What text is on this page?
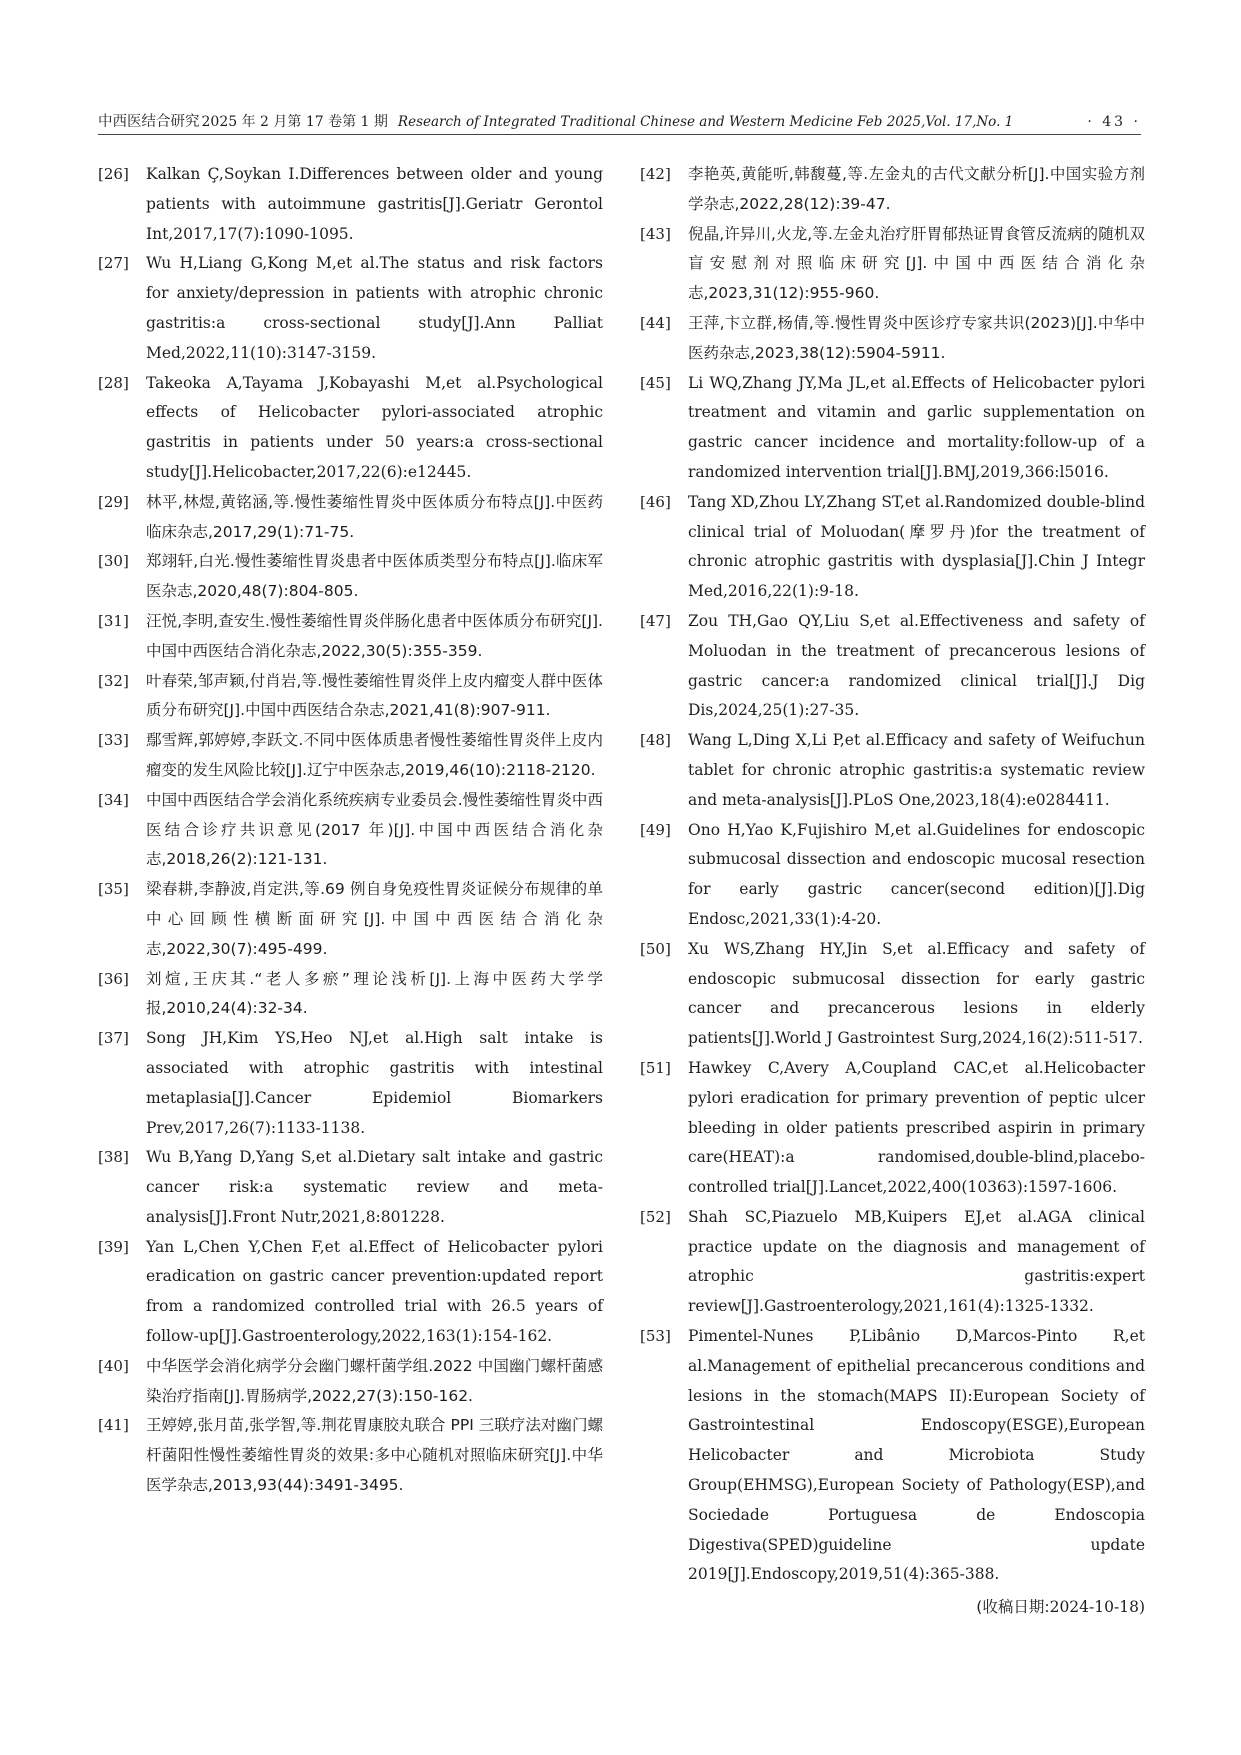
中西医结合研究 2025 年 2 月第 17 卷第 1 期 Research of Integrated Traditional Chinese and Western Medicine Feb 2025,Vol. 17,No. 1	· 43 ·
[26]	Kalkan Ç,Soykan I.Differences between older and young patients with autoimmune gastritis[J].Geriatr Gerontol Int,2017,17(7):1090-1095.
[27]	Wu H,Liang G,Kong M,et al.The status and risk factors for anxiety/depression in patients with atrophic chronic gastritis:a cross-sectional study[J].Ann Palliat Med,2022,11(10):3147-3159.
[28]	Takeoka A,Tayama J,Kobayashi M,et al.Psychological effects of Helicobacter pylori-associated atrophic gastritis in patients under 50 years:a cross-sectional study[J].Helicobacter,2017,22(6):e12445.
[29]	林平,林煜,黄铭涵,等.慢性萎缩性胃炎中医体质分布特点[J].中医药临床杂志,2017,29(1):71-75.
[30]	郑翊轩,白光.慢性萎缩性胃炎患者中医体质类型分布特点[J].临床军医杂志,2020,48(7):804-805.
[31]	汪悦,李明,查安生.慢性萎缩性胃炎伴肠化患者中医体质分布研究[J].中国中西医结合消化杂志,2022,30(5):355-359.
[32]	叶春荣,邹声颖,付肖岩,等.慢性萎缩性胃炎伴上皮内瘤变人群中医体质分布研究[J].中国中西医结合杂志,2021,41(8):907-911.
[33]	鄢雪辉,郭婷婷,李跃文.不同中医体质患者慢性萎缩性胃炎伴上皮内瘤变的发生风险比较[J].辽宁中医杂志,2019,46(10):2118-2120.
[34]	中国中西医结合学会消化系统疾病专业委员会.慢性萎缩性胃炎中西医结合诊疗共识意见(2017 年)[J].中国中西医结合消化杂志,2018,26(2):121-131.
[35]	梁春耕,李静波,肖定洪,等.69 例自身免疫性胃炎证候分布规律的单中心回顾性横断面研究[J].中国中西医结合消化杂志,2022,30(7):495-499.
[36]	刘煊,王庆其.“老人多瘀”理论浅析[J].上海中医药大学学报,2010,24(4):32-34.
[37]	Song JH,Kim YS,Heo NJ,et al.High salt intake is associated with atrophic gastritis with intestinal metaplasia[J].Cancer Epidemiol Biomarkers Prev,2017,26(7):1133-1138.
[38]	Wu B,Yang D,Yang S,et al.Dietary salt intake and gastric cancer risk:a systematic review and meta-analysis[J].Front Nutr,2021,8:801228.
[39]	Yan L,Chen Y,Chen F,et al.Effect of Helicobacter pylori eradication on gastric cancer prevention:updated report from a randomized controlled trial with 26.5 years of follow-up[J].Gastroenterology,2022,163(1):154-162.
[40]	中华医学会消化病学分会幽门螺杆菌学组.2022 中国幽门螺杆菌感染治疗指南[J].胃肠病学,2022,27(3):150-162.
[41]	王婷婷,张月苗,张学智,等.荆花胃康胶丸联合 PPI 三联疗法对幽门螺杆菌阳性慢性萎缩性胃炎的效果:多中心随机对照临床研究[J].中华医学杂志,2013,93(44):3491-3495.
[42]	李艳英,黄能听,韩馥蔓,等.左金丸的古代文献分析[J].中国实验方剂学杂志,2022,28(12):39-47.
[43]	倪晶,许异川,火龙,等.左金丸治疗肝胃郁热证胃食管反流病的随机双盲安慰剂对照临床研究[J].中国中西医结合消化杂志,2023,31(12):955-960.
[44]	王萍,卞立群,杨倩,等.慢性胃炎中医诊疗专家共识(2023)[J].中华中医药杂志,2023,38(12):5904-5911.
[45]	Li WQ,Zhang JY,Ma JL,et al.Effects of Helicobacter pylori treatment and vitamin and garlic supplementation on gastric cancer incidence and mortality:follow-up of a randomized intervention trial[J].BMJ,2019,366:l5016.
[46]	Tang XD,Zhou LY,Zhang ST,et al.Randomized double-blind clinical trial of Moluodan(摩罗丹)for the treatment of chronic atrophic gastritis with dysplasia[J].Chin J Integr Med,2016,22(1):9-18.
[47]	Zou TH,Gao QY,Liu S,et al.Effectiveness and safety of Moluodan in the treatment of precancerous lesions of gastric cancer:a randomized clinical trial[J].J Dig Dis,2024,25(1):27-35.
[48]	Wang L,Ding X,Li P,et al.Efficacy and safety of Weifuchun tablet for chronic atrophic gastritis:a systematic review and meta-analysis[J].PLoS One,2023,18(4):e0284411.
[49]	Ono H,Yao K,Fujishiro M,et al.Guidelines for endoscopic submucosal dissection and endoscopic mucosal resection for early gastric cancer(second edition)[J].Dig Endosc,2021,33(1):4-20.
[50]	Xu WS,Zhang HY,Jin S,et al.Efficacy and safety of endoscopic submucosal dissection for early gastric cancer and precancerous lesions in elderly patients[J].World J Gastrointest Surg,2024,16(2):511-517.
[51]	Hawkey C,Avery A,Coupland CAC,et al.Helicobacter pylori eradication for primary prevention of peptic ulcer bleeding in older patients prescribed aspirin in primary care(HEAT):a randomised,double-blind,placebo-controlled trial[J].Lancet,2022,400(10363):1597-1606.
[52]	Shah SC,Piazuelo MB,Kuipers EJ,et al.AGA clinical practice update on the diagnosis and management of atrophic gastritis:expert review[J].Gastroenterology,2021,161(4):1325-1332.
[53]	Pimentel-Nunes P,Libânio D,Marcos-Pinto R,et al.Management of epithelial precancerous conditions and lesions in the stomach(MAPS II):European Society of Gastrointestinal Endoscopy(ESGE),European Helicobacter and Microbiota Study Group(EHMSG),European Society of Pathology(ESP),and Sociedade Portuguesa de Endoscopia Digestiva(SPED)guideline update 2019[J].Endoscopy,2019,51(4):365-388.
(收稿日期:2024-10-18)
